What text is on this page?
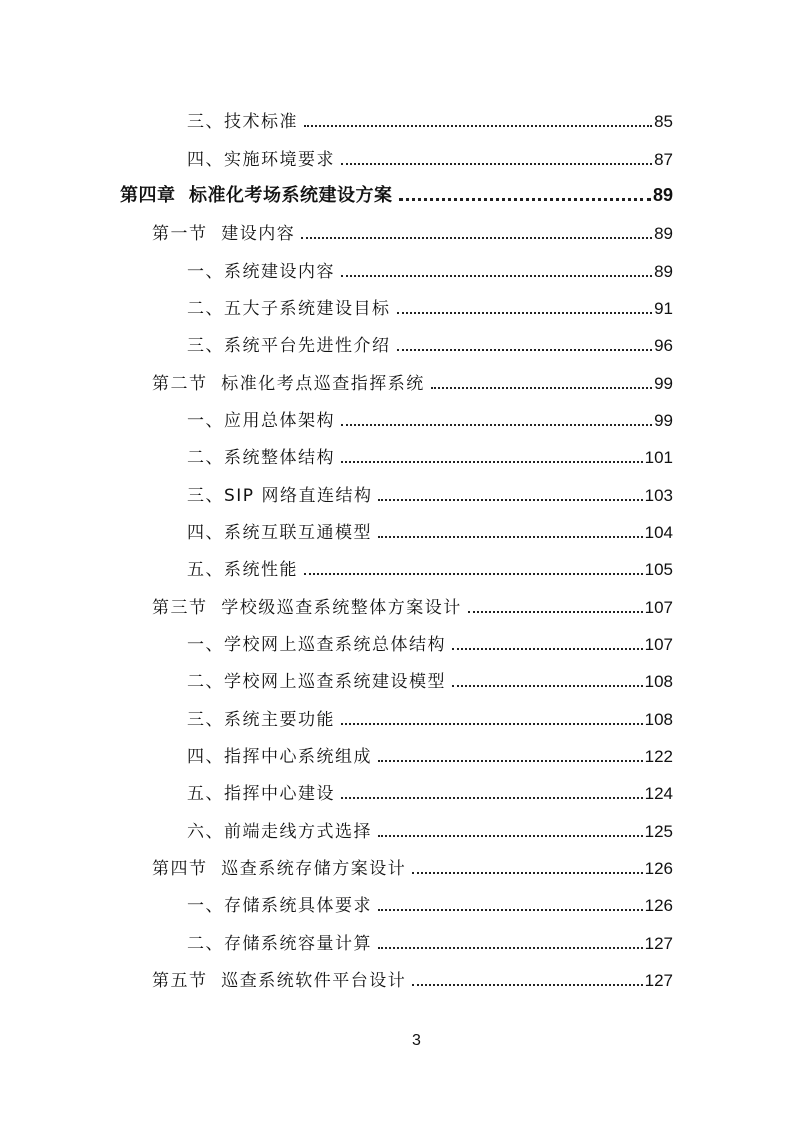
三、技术标准	85
四、实施环境要求	87
第四章  标准化考场系统建设方案	89
第一节  建设内容	89
一、系统建设内容	89
二、五大子系统建设目标	91
三、系统平台先进性介绍	96
第二节  标准化考点巡查指挥系统	99
一、应用总体架构	99
二、系统整体结构	101
三、SIP 网络直连结构	103
四、系统互联互通模型	104
五、系统性能	105
第三节  学校级巡查系统整体方案设计	107
一、学校网上巡查系统总体结构	107
二、学校网上巡查系统建设模型	108
三、系统主要功能	108
四、指挥中心系统组成	122
五、指挥中心建设	124
六、前端走线方式选择	125
第四节  巡查系统存储方案设计	126
一、存储系统具体要求	126
二、存储系统容量计算	127
第五节  巡查系统软件平台设计	127
3
